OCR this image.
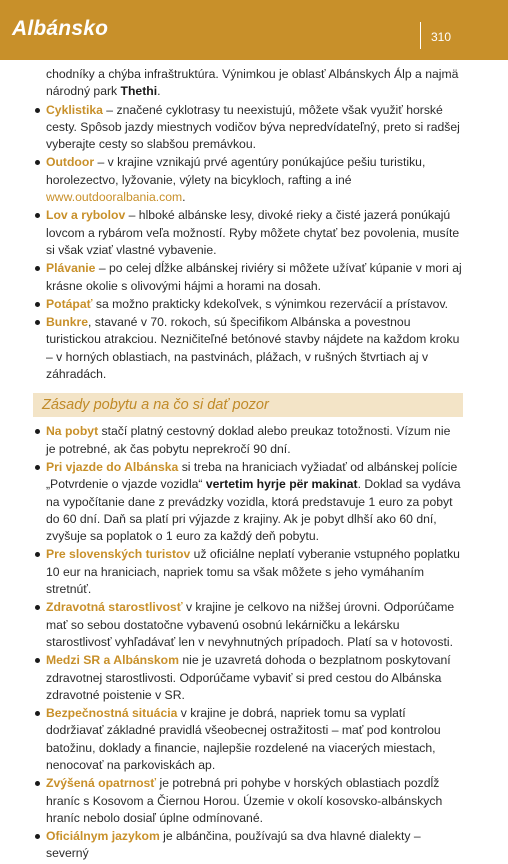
Albánsko	310

chodníky a chýba infraštruktúra. Výnimkou je oblasť Albánskych Álp a najmä národný park Thethi.

Cyklistika – značené cyklotrasy tu neexistujú, môžete však využiť horské cesty. Spôsob jazdy miestnych vodičov býva nepredvídateľný, preto si radšej vyberajte cesty so slabšou premávkou.
Outdoor – v krajine vznikajú prvé agentúry ponúkajúce pešiu turistiku, horolezectvo, lyžovanie, výlety na bicykloch, rafting a iné www.outdooralbania.com.
Lov a rybolov – hlboké albánske lesy, divoké rieky a čisté jazerá ponúkajú lovcom a rybárom veľa možností. Ryby môžete chytať bez povolenia, musíte si však vziať vlastné vybavenie.
Plávanie – po celej dĺžke albánskej riviéry si môžete užívať kúpanie v mori aj krásne okolie s olivovými hájmi a horami na dosah.
Potápať sa možno prakticky kdekoľvek, s výnimkou rezervácií a prístavov.
Bunkre, stavané v 70. rokoch, sú špecifikom Albánska a povestnou turistickou atrakciou. Nezničiteľné betónové stavby nájdete na každom kroku – v horných oblastiach, na pastvinách, plážach, v rušných štvrtiach aj v záhradách.
Zásady pobytu a na čo si dať pozor
Na pobyt stačí platný cestovný doklad alebo preukaz totožnosti. Vízum nie je potrebné, ak čas pobytu neprekročí 90 dní.
Pri vjazde do Albánska si treba na hraniciach vyžiadať od albánskej polície „Potvrdenie o vjazde vozidla“ vertetim hyrje për makinat. Doklad sa vydáva na vypočítanie dane z prevádzky vozidla, ktorá predstavuje 1 euro za pobyt do 60 dní. Daň sa platí pri výjazde z krajiny. Ak je pobyt dlhší ako 60 dní, zvyšuje sa poplatok o 1 euro za každý deň pobytu.
Pre slovenských turistov už oficiálne neplatí vyberanie vstupného poplatku 10 eur na hraniciach, napriek tomu sa však môžete s jeho vymáhaním stretnúť.
Zdravotná starostlivosť v krajine je celkovo na nižšej úrovni. Odporúčame mať so sebou dostatočne vybavenú osobnú lekárničku a lekársku starostlivosť vyhľadávať len v nevyhnutných prípadoch. Platí sa v hotovosti.
Medzi SR a Albánskom nie je uzavretá dohoda o bezplatnom poskytovaní zdravotnej starostlivosti. Odporúčame vybaviť si pred cestou do Albánska zdravotné poistenie v SR.
Bezpečnostná situácia v krajine je dobrá, napriek tomu sa vyplatí dodržiavať základné pravidlá všeobecnej ostražitosti – mať pod kontrolou batožinu, doklady a financie, najlepšie rozdelené na viacerých miestach, nenocovať na parkoviskách ap.
Zvýšená opatrnosť je potrebná pri pohybe v horských oblastiach pozdĺž hraníc s Kosovom a Čiernou Horou. Územie v okolí kosovsko-albánskych hraníc nebolo dosiaľ úplne odmínované.
Oficiálnym jazykom je albánčina, používajú sa dva hlavné dialekty – severný
